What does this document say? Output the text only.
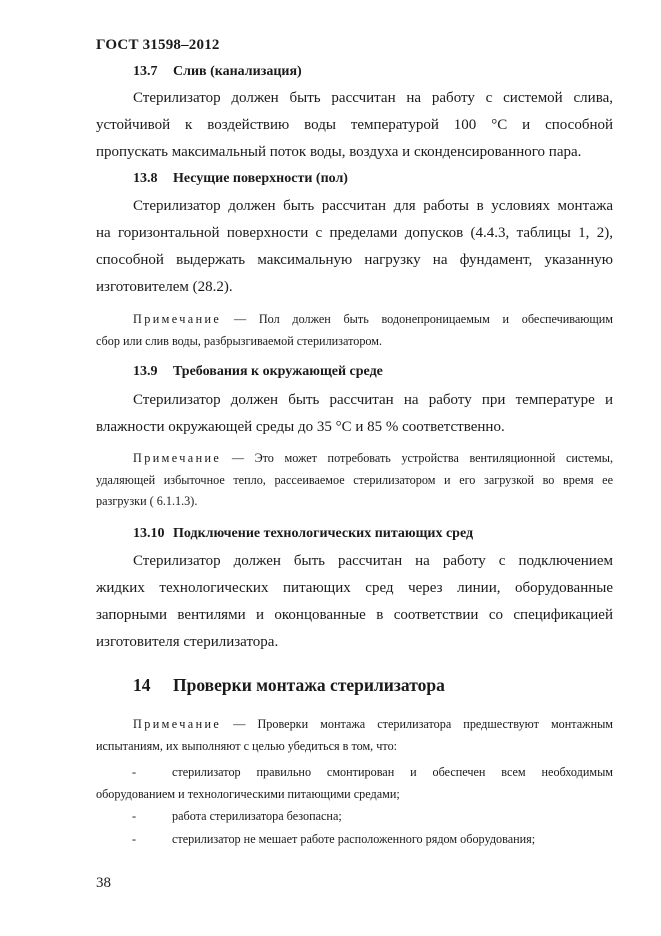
ГОСТ 31598–2012
13.7 Слив (канализация)
Стерилизатор должен быть рассчитан на работу с системой слива,
устойчивой к воздействию воды температурой 100 °С и способной
пропускать максимальный поток воды, воздуха и сконденсированного пара.
13.8 Несущие поверхности (пол)
Стерилизатор должен быть рассчитан для работы в условиях монтажа
на горизонтальной поверхности с пределами допусков (4.4.3, таблицы 1, 2),
способной выдержать максимальную нагрузку на фундамент, указанную
изготовителем (28.2).
Примечание — Пол должен быть водонепроницаемым и обеспечивающим
сбор или слив воды, разбрызгиваемой стерилизатором.
13.9 Требования к окружающей среде
Стерилизатор должен быть рассчитан на работу при температуре и
влажности окружающей среды до 35 °С и 85 % соответственно.
Примечание — Это может потребовать устройства вентиляционной системы,
удаляющей избыточное тепло, рассеиваемое стерилизатором и его загрузкой во время ее
разгрузки ( 6.1.1.3).
13.10 Подключение технологических питающих сред
Стерилизатор должен быть рассчитан на работу с подключением
жидких технологических питающих сред через линии, оборудованные
запорными вентилями и оконцованные в соответствии со спецификацией
изготовителя стерилизатора.
14 Проверки монтажа стерилизатора
Примечание — Проверки монтажа стерилизатора предшествуют монтажным
испытаниям, их выполняют с целью убедиться в том, что:
-	стерилизатор правильно смонтирован и обеспечен всем необходимым
оборудованием и технологическими питающими средами;
-	работа стерилизатора безопасна;
-	стерилизатор не мешает работе расположенного рядом оборудования;
38
